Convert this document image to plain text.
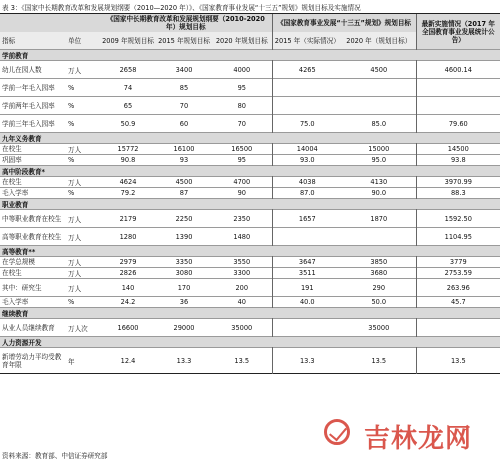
表 3：《国家中长期教育改革和发展规划纲要（2010—2020 年）》、《国家教育事业发展“十三五”规划》规划目标及实施情况
		《国家中长期教育改革和发展规划纲要（2010-2020 年）规划目标			《国家教育事业发展“十三五”规划》规划目标		最新实施情况（2017 年全国教育事业发展统计公告）
指标	单位	2009 年规划目标	2015 年规划目标	2020 年规划目标	2015 年（实际情况）	2020 年（规划目标）	
学前教育							
幼儿在园人数	万人	2658	3400	4000	4265	4500	4600.14
学前一年毛入园率	%	74	85	95			
学前两年毛入园率	%	65	70	80			
学前三年毛入园率	%	50.9	60	70	75.0	85.0	79.60
九年义务教育							
在校生	万人	15772	16100	16500	14004	15000	14500
巩固率	%	90.8	93	95	93.0	95.0	93.8
高中阶段教育*							
在校生	万人	4624	4500	4700	4038	4130	3970.99
毛入学率	%	79.2	87	90	87.0	90.0	88.3
职业教育							
中等职业教育在校生	万人	2179	2250	2350	1657	1870	1592.50
高等职业教育在校生	万人	1280	1390	1480			1104.95
高等教育**							
在学总规模	万人	2979	3350	3550	3647	3850	3779
在校生	万人	2826	3080	3300	3511	3680	2753.59
其中：研究生	万人	140	170	200	191	290	263.96
毛入学率	%	24.2	36	40	40.0	50.0	45.7
继续教育							
从业人员继续教育	万人次	16600	29000	35000		35000	
人力资源开发							
新增劳动力平均受教育年限	年	12.4	13.3	13.5	13.3	13.5	13.5
吉林龙网
资料来源：教育部、中信证券研究部
